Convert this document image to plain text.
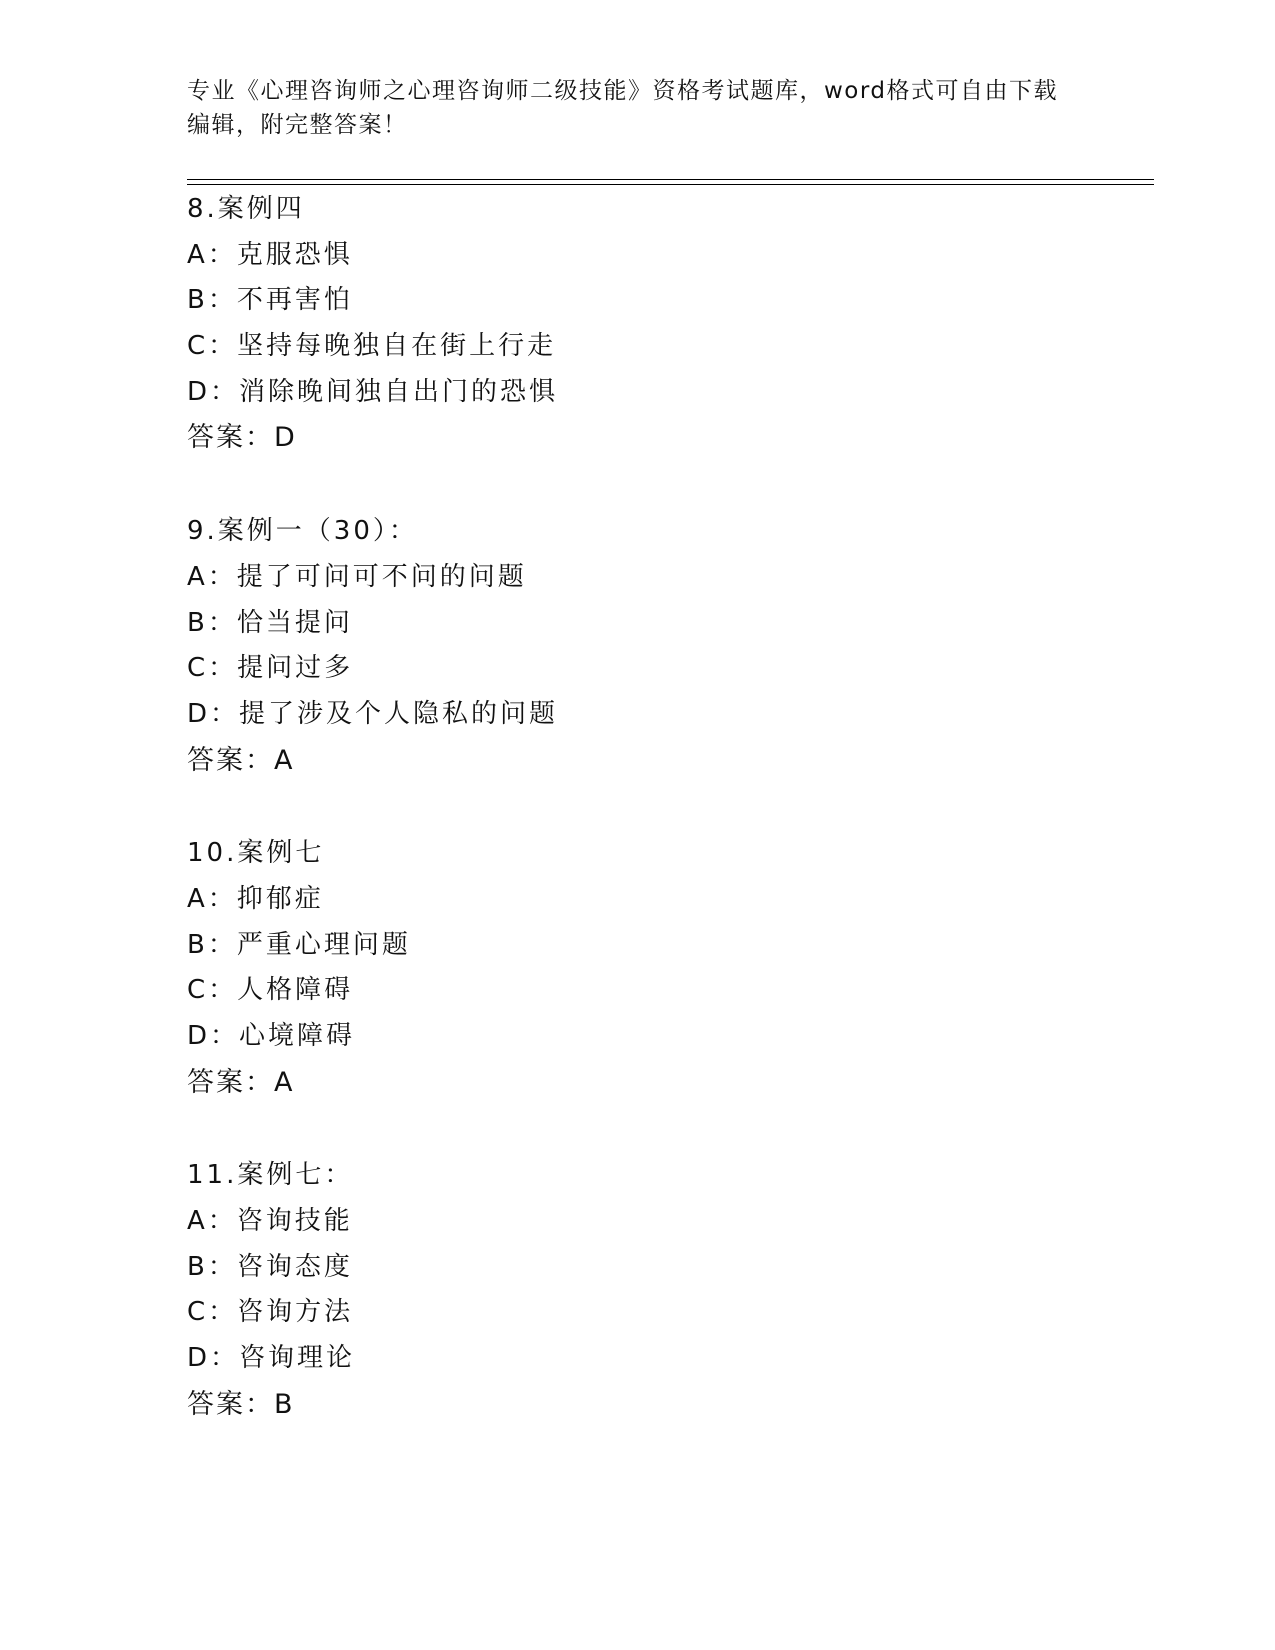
专业《心理咨询师之心理咨询师二级技能》资格考试题库，word格式可自由下载
编辑，附完整答案！
8.案例四
A：克服恐惧
B：不再害怕
C：坚持每晚独自在街上行走
D：消除晚间独自出门的恐惧
答案：D
9.案例一（30）：
A：提了可问可不问的问题
B：恰当提问
C：提问过多
D：提了涉及个人隐私的问题
答案：A
10.案例七
A：抑郁症
B：严重心理问题
C：人格障碍
D：心境障碍
答案：A
11.案例七：
A：咨询技能
B：咨询态度
C：咨询方法
D：咨询理论
答案：B
